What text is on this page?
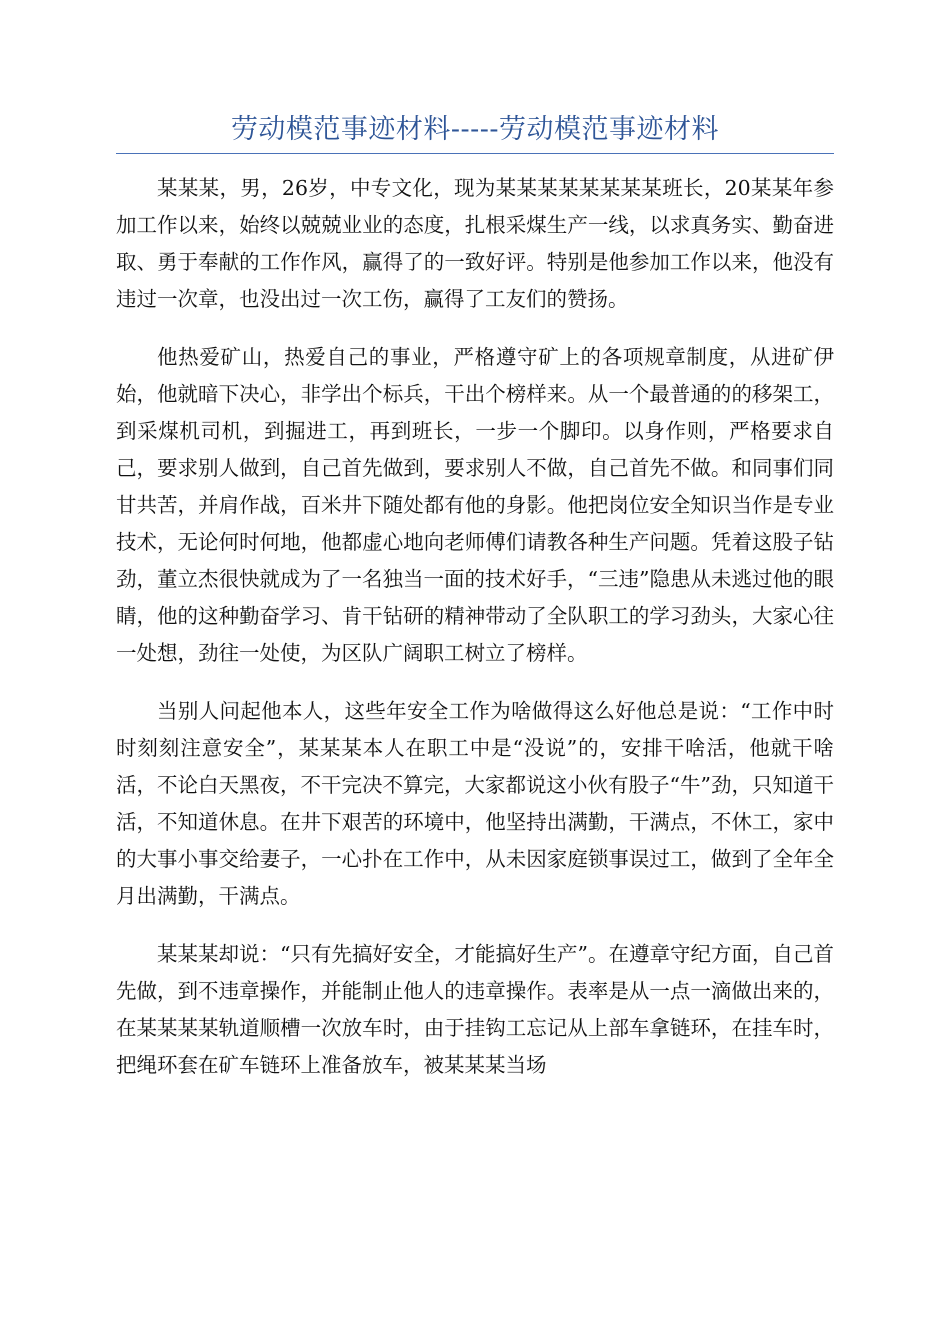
劳动模范事迹材料-----劳动模范事迹材料

某某某，男，26岁，中专文化，现为某某某某某某某某班长，20某某年参加工作以来，始终以兢兢业业的态度，扎根采煤生产一线，以求真务实、勤奋进取、勇于奉献的工作作风，赢得了的一致好评。特别是他参加工作以来，他没有违过一次章，也没出过一次工伤，赢得了工友们的赞扬。

他热爱矿山，热爱自己的事业，严格遵守矿上的各项规章制度，从进矿伊始，他就暗下决心，非学出个标兵，干出个榜样来。从一个最普通的的移架工，到采煤机司机，到掘进工，再到班长，一步一个脚印。以身作则，严格要求自己，要求别人做到，自己首先做到，要求别人不做，自己首先不做。和同事们同甘共苦，并肩作战，百米井下随处都有他的身影。他把岗位安全知识当作是专业技术，无论何时何地，他都虚心地向老师傅们请教各种生产问题。凭着这股子钻劲，董立杰很快就成为了一名独当一面的技术好手，“三违”隐患从未逃过他的眼睛，他的这种勤奋学习、肯干钻研的精神带动了全队职工的学习劲头，大家心往一处想，劲往一处使，为区队广阔职工树立了榜样。

当别人问起他本人，这些年安全工作为啥做得这么好他总是说：“工作中时时刻刻注意安全”，某某某本人在职工中是“没说”的，安排干啥活，他就干啥活，不论白天黑夜，不干完决不算完，大家都说这小伙有股子“牛”劲，只知道干活，不知道休息。在井下艰苦的环境中，他坚持出满勤，干满点，不休工，家中的大事小事交给妻子，一心扑在工作中，从未因家庭锁事误过工，做到了全年全月出满勤，干满点。

某某某却说：“只有先搞好安全，才能搞好生产”。在遵章守纪方面，自己首先做，到不违章操作，并能制止他人的违章操作。表率是从一点一滴做出来的，在某某某某轨道顺槽一次放车时，由于挂钩工忘记从上部车拿链环，在挂车时，把绳环套在矿车链环上准备放车，被某某某当场
